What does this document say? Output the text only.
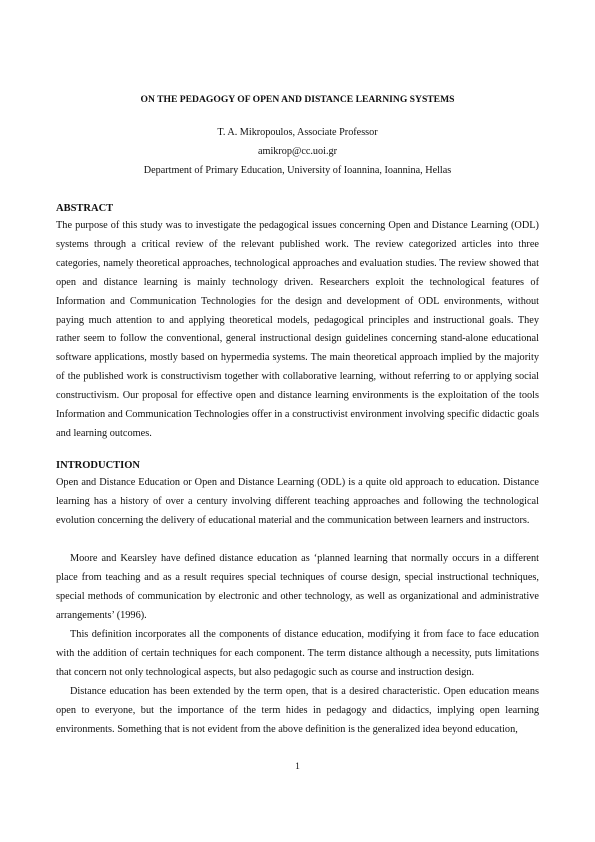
ON THE PEDAGOGY OF OPEN AND DISTANCE LEARNING SYSTEMS
T. A. Mikropoulos, Associate Professor
amikrop@cc.uoi.gr
Department of Primary Education, University of Ioannina, Ioannina, Hellas
ABSTRACT

The purpose of this study was to investigate the pedagogical issues concerning Open and Distance Learning (ODL) systems through a critical review of the relevant published work. The review categorized articles into three categories, namely theoretical approaches, technological approaches and evaluation studies. The review showed that open and distance learning is mainly technology driven. Researchers exploit the technological features of Information and Communication Technologies for the design and development of ODL environments, without paying much attention to and applying theoretical models, pedagogical principles and instructional goals. They rather seem to follow the conventional, general instructional design guidelines concerning stand-alone educational software applications, mostly based on hypermedia systems. The main theoretical approach implied by the majority of the published work is constructivism together with collaborative learning, without referring to or applying social constructivism. Our proposal for effective open and distance learning environments is the exploitation of the tools Information and Communication Technologies offer in a constructivist environment involving specific didactic goals and learning outcomes.

INTRODUCTION

Open and Distance Education or Open and Distance Learning (ODL) is a quite old approach to education. Distance learning has a history of over a century involving different teaching approaches and following the technological evolution concerning the delivery of educational material and the communication between learners and instructors.

Moore and Kearsley have defined distance education as ‘planned learning that normally occurs in a different place from teaching and as a result requires special techniques of course design, special instructional techniques, special methods of communication by electronic and other technology, as well as organizational and administrative arrangements’ (1996).

This definition incorporates all the components of distance education, modifying it from face to face education with the addition of certain techniques for each component. The term distance although a necessity, puts limitations that concern not only technological aspects, but also pedagogic such as course and instruction design.

Distance education has been extended by the term open, that is a desired characteristic. Open education means open to everyone, but the importance of the term hides in pedagogy and didactics, implying open learning environments. Something that is not evident from the above definition is the generalized idea beyond education,

1
